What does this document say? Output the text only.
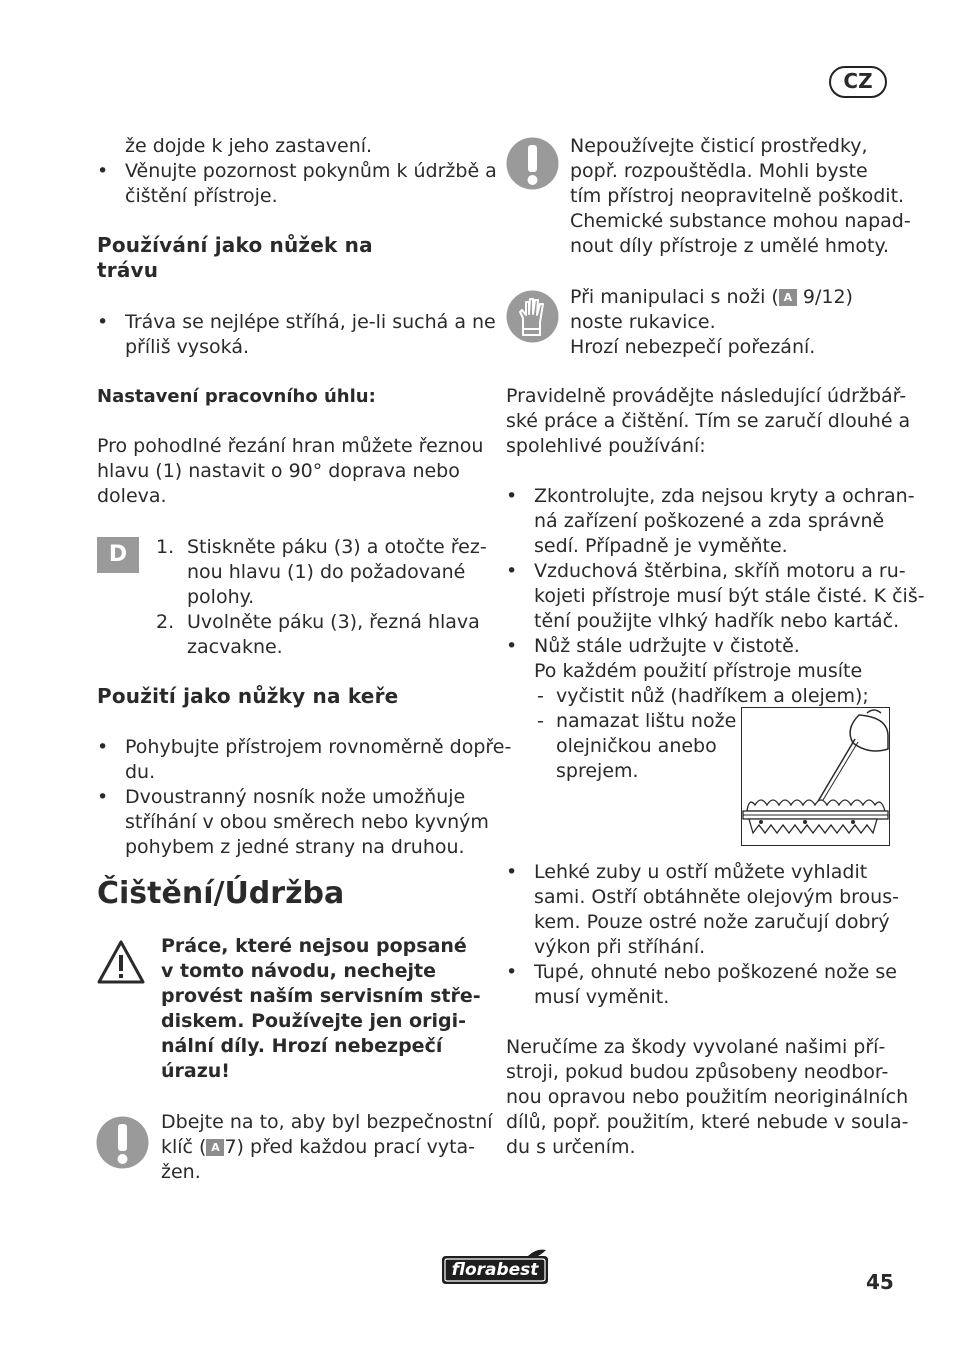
CZ
že dojde k jeho zastavení.
• Věnujte pozornost pokynům k údržbě a
čištění přístroje.
Používání jako nůžek na
trávu
• Tráva se nejlépe stříhá, je-li suchá a ne
příliš vysoká.
Nastavení pracovního úhlu:
Pro pohodlné řezání hran můžete řeznou
hlavu (1) nastavit o 90° doprava nebo
doleva.
D	1. Stiskněte páku (3) a otočte řez-
nou hlavu (1) do požadované
polohy.
2. Uvolněte páku (3), řezná hlava
zacvakne.
Použití jako nůžky na keře
• Pohybujte přístrojem rovnoměrně dopře-
du.
• Dvoustranný nosník nože umožňuje
stříhání v obou směrech nebo kyvným
pohybem z jedné strany na druhou.
Čištění/Údržba
Práce, které nejsou popsané
v tomto návodu, nechejte
provést naším servisním stře-
diskem. Používejte jen origi-
nální díly. Hrozí nebezpečí
úrazu!
Dbejte na to, aby byl bezpečnostní
klíč ( A 7) před každou prací vyta-
žen.
Nepoužívejte čisticí prostředky,
popř. rozpouštědla. Mohli byste
tím přístroj neopravitelně poškodit.
Chemické substance mohou napad-
nout díly přístroje z umělé hmoty.
Při manipulaci s noži ( A 9/12)
noste rukavice.
Hrozí nebezpečí pořezání.
Pravidelně provádějte následující údržbář-
ské práce a čištění. Tím se zaručí dlouhé a
spolehlivé používání:
• Zkontrolujte, zda nejsou kryty a ochran-
ná zařízení poškozené a zda správně
sedí. Případně je vyměňte.
• Vzduchová štěrbina, skříň motoru a ru-
kojeti přístroje musí být stále čisté. K čiš-
tění použijte vlhký hadřík nebo kartáč.
• Nůž stále udržujte v čistotě.
Po každém použití přístroje musíte
- vyčistit nůž (hadříkem a olejem);
- namazat lištu nože
olejničkou anebo
sprejem.
• Lehké zuby u ostří můžete vyhladit
sami. Ostří obtáhněte olejovým brous-
kem. Pouze ostré nože zaručují dobrý
výkon při stříhání.
• Tupé, ohnuté nebo poškozené nože se
musí vyměnit.
Neručíme za škody vyvolané našimi pří-
stroji, pokud budou způsobeny neodbor-
nou opravou nebo použitím neoriginálních
dílů, popř. použitím, které nebude v soula-
du s určením.
florabest	45
